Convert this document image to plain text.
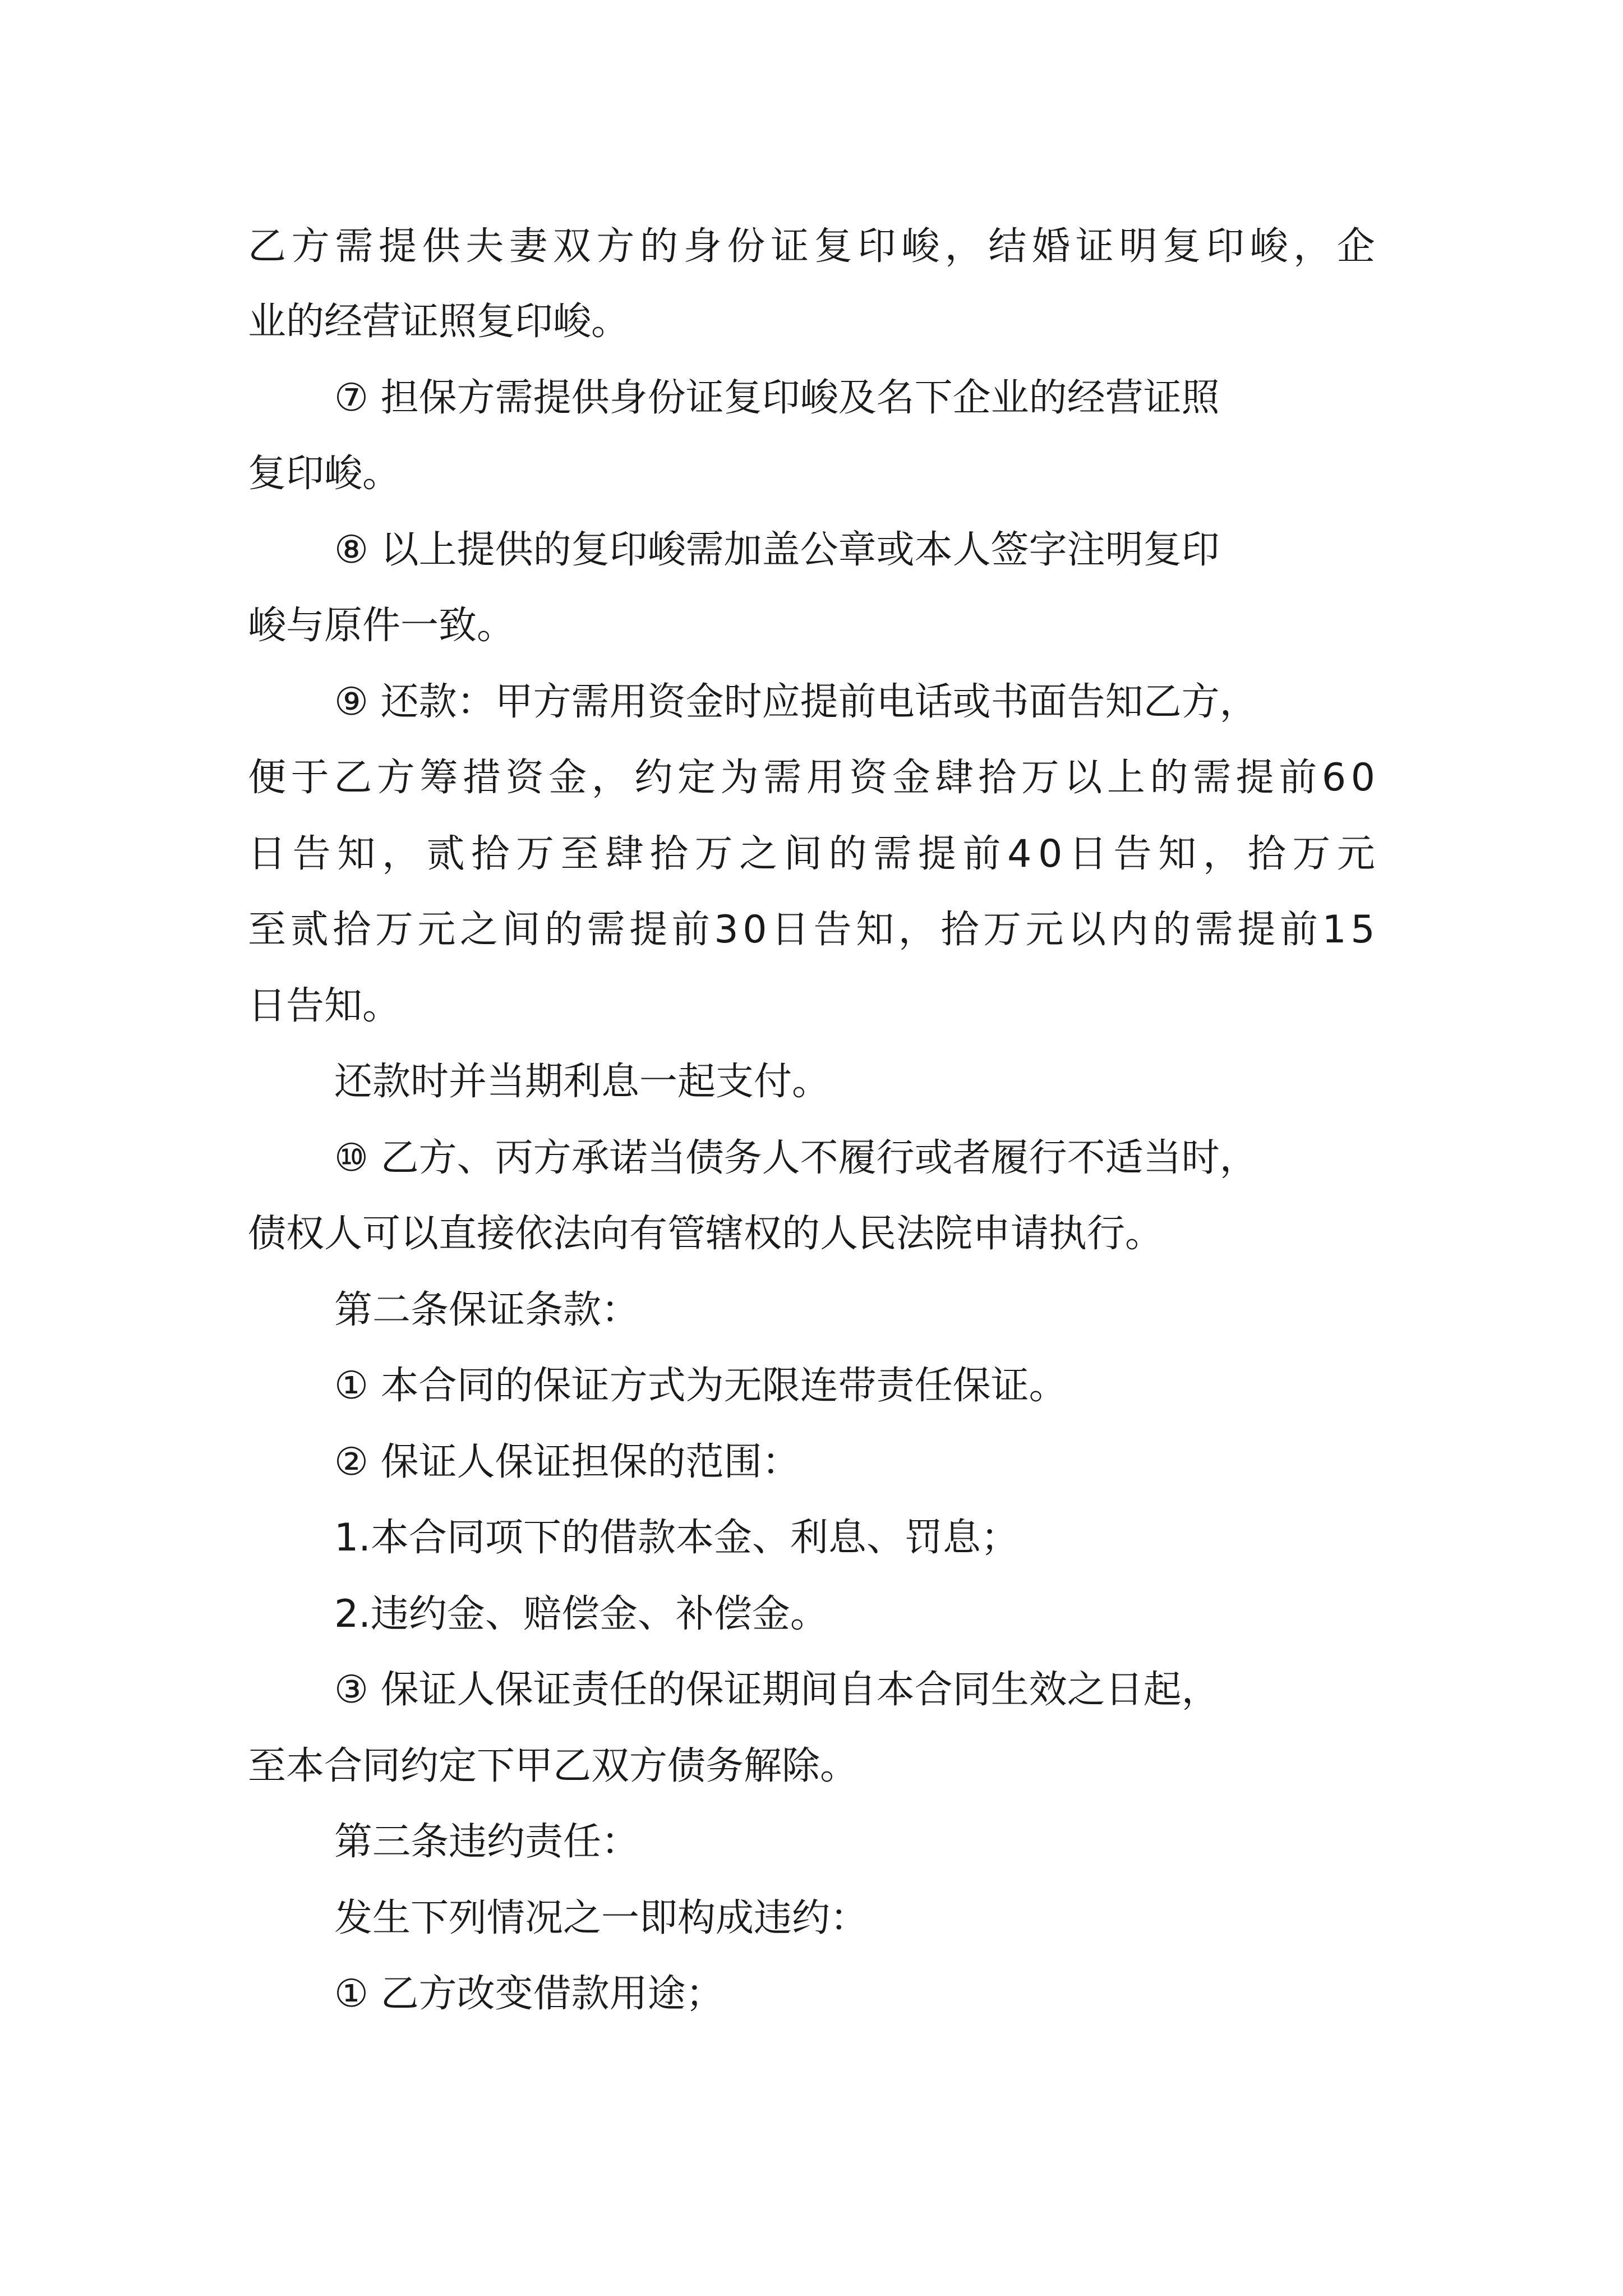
乙 方 需 提 供 夫 妻 双 方 的 身 份 证 复 印 峻 ， 结 婚 证 明 复 印 峻 ， 企
业的经营证照复印峻。
⑦ 担保方需提供身份证复印峻及名下企业的经营证照
复印峻。
⑧ 以上提供的复印峻需加盖公章或本人签字注明复印
峻与原件一致。
⑨ 还款：甲方需用资金时应提前电话或书面告知乙方，
便 于 乙 方 筹 措 资 金 ， 约 定 为 需 用 资 金 肆 拾 万 以 上 的 需 提 前 6 0
日 告 知 ， 贰 拾 万 至 肆 拾 万 之 间 的 需 提 前 4 0 日 告 知 ， 拾 万 元
至 贰 拾 万 元 之 间 的 需 提 前 3 0 日 告 知 ， 拾 万 元 以 内 的 需 提 前 1 5
日告知。
还款时并当期利息一起支付。
⑩ 乙方、丙方承诺当债务人不履行或者履行不适当时，
债权人可以直接依法向有管辖权的人民法院申请执行。
第二条保证条款：
① 本合同的保证方式为无限连带责任保证。
② 保证人保证担保的范围：
1.本合同项下的借款本金、利息、罚息；
2.违约金、赔偿金、补偿金。
③ 保证人保证责任的保证期间自本合同生效之日起，
至本合同约定下甲乙双方债务解除。
第三条违约责任：
发生下列情况之一即构成违约：
① 乙方改变借款用途；
